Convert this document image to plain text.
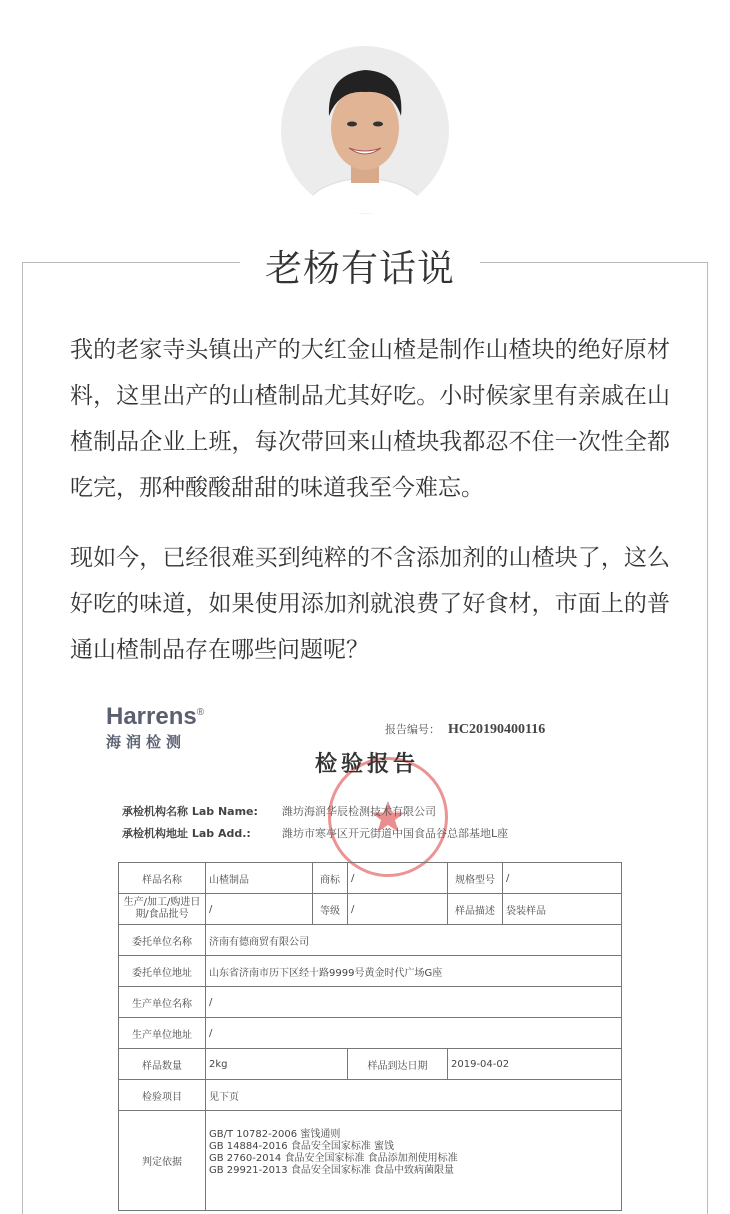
老杨有话说

我的老家寺头镇出产的大红金山楂是制作山楂块的绝好原材料，这里出产的山楂制品尤其好吃。小时候家里有亲戚在山楂制品企业上班，每次带回来山楂块我都忍不住一次性全都吃完，那种酸酸甜甜的味道我至今难忘。

现如今，已经很难买到纯粹的不含添加剂的山楂块了，这么好吃的味道，如果使用添加剂就浪费了好食材，市面上的普通山楂制品存在哪些问题呢？

Harrens®
海润检测
报告编号： HC20190400116
检验报告
承检机构名称 Lab Name: 潍坊海润华辰检测技术有限公司
承检机构地址 Lab Add.:	潍坊市寒亭区开元街道中国食品谷总部基地L座
样品名称	山楂制品	商标	/	规格型号	/
生产/加工/购进日期/食品批号	/	等级	/	样品描述	袋装样品
委托单位名称	济南有德商贸有限公司				
委托单位地址	山东省济南市历下区经十路9999号黄金时代广场G座				
生产单位名称	/				
生产单位地址	/				
样品数量	2kg		样品到达日期	2019-04-02	
检验项目	见下页				
判定依据	GB/T 10782-2006 蜜饯通则
GB 14884-2016 食品安全国家标准 蜜饯
GB 2760-2014 食品安全国家标准 食品添加剂使用标准
GB 29921-2013 食品安全国家标准 食品中致病菌限量				
